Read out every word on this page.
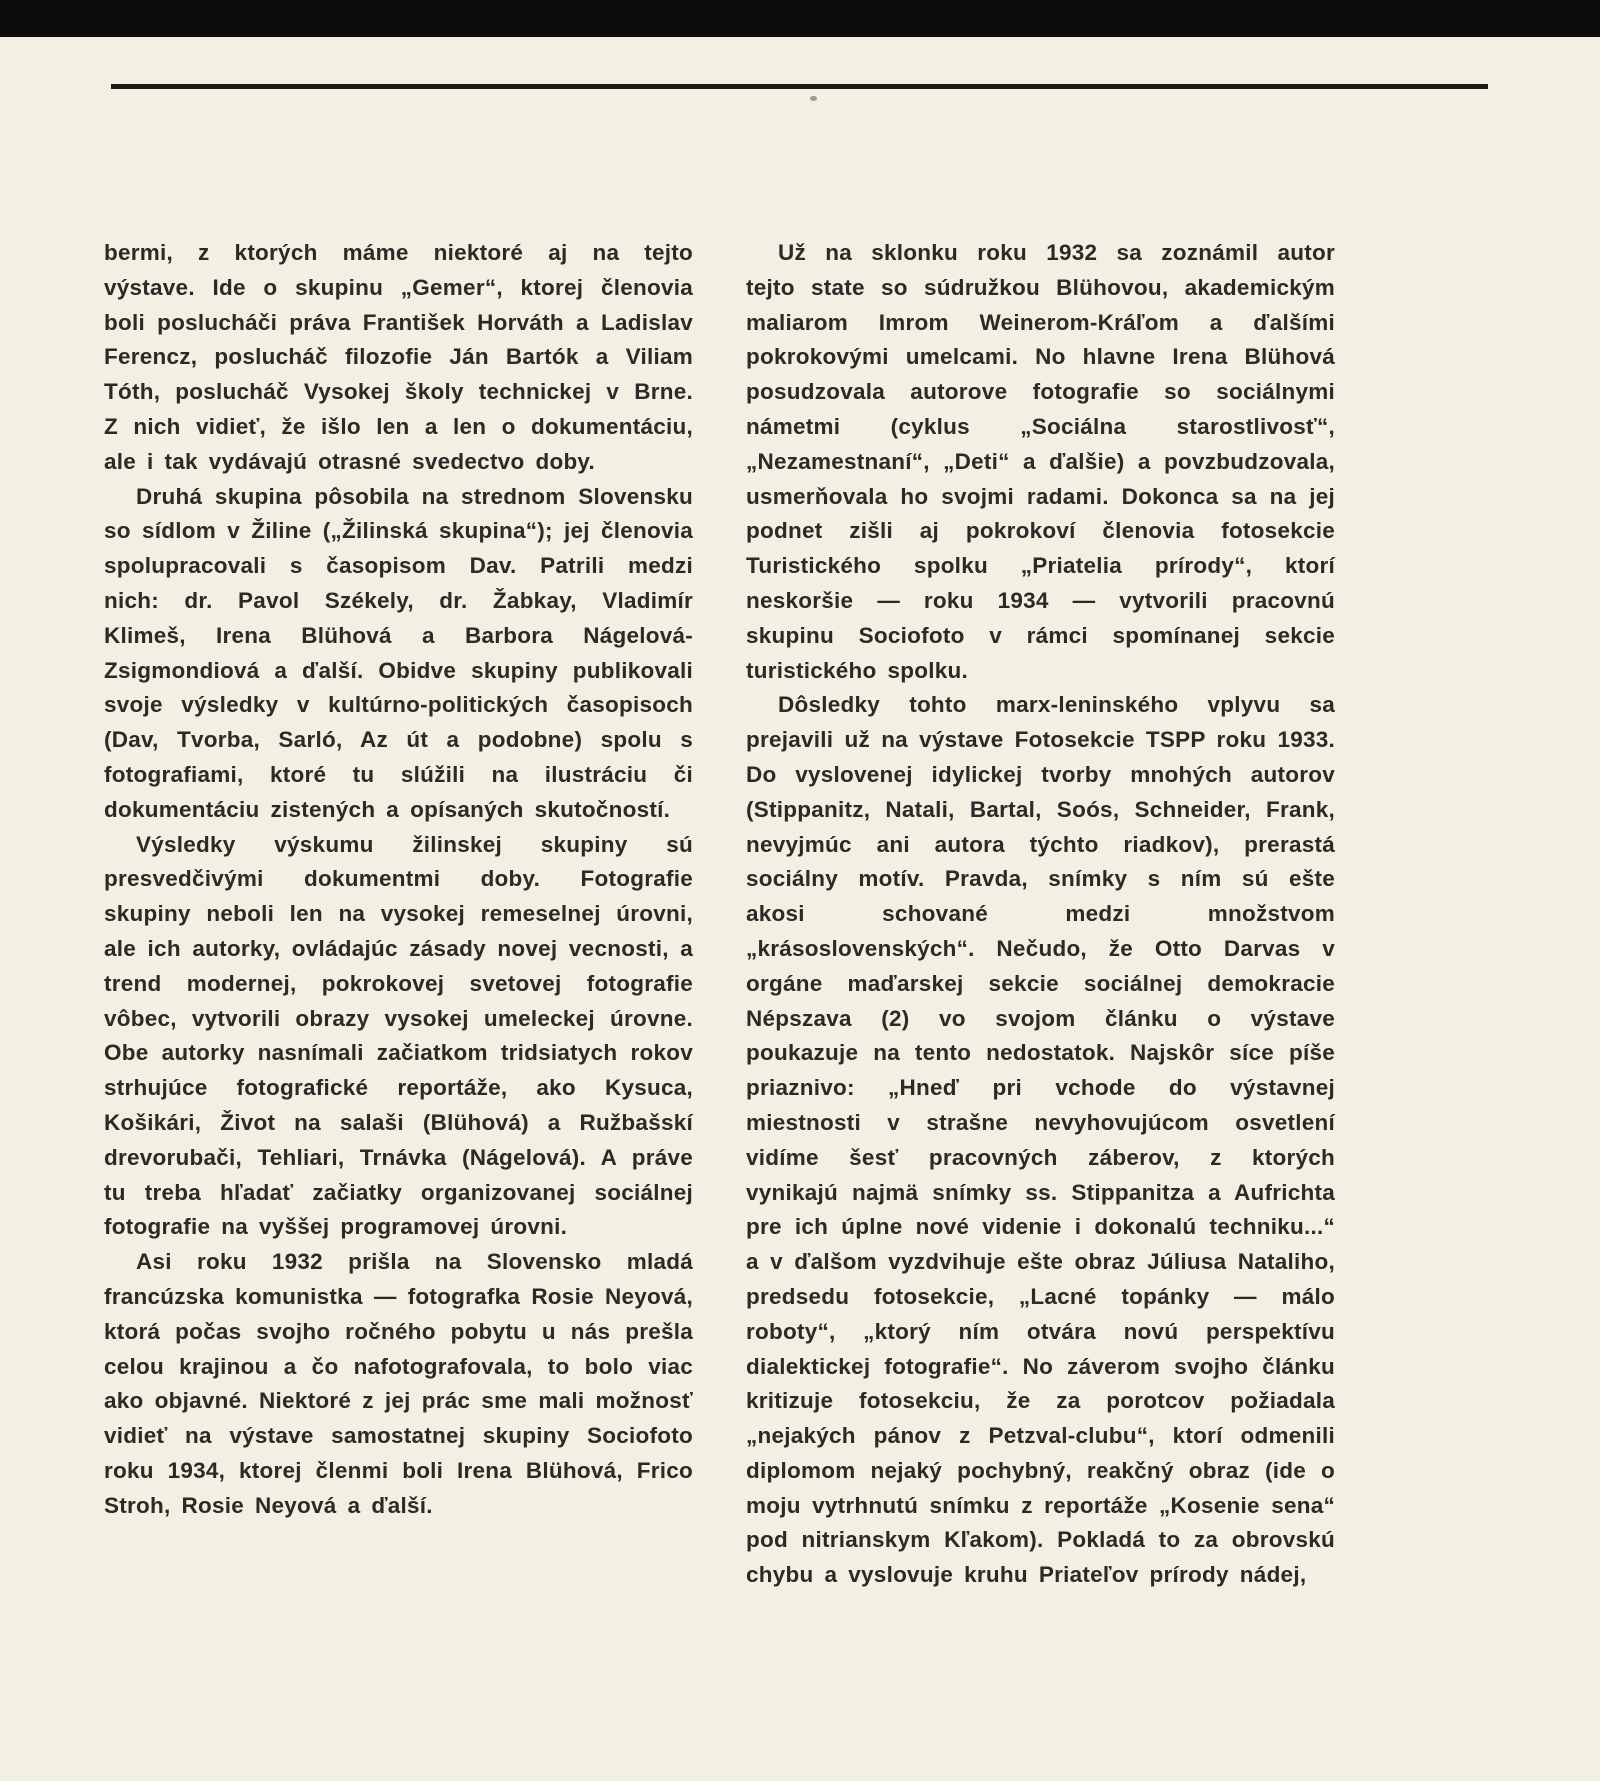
bermi, z ktorých máme niektoré aj na tejto výstave. Ide o skupinu „Gemer“, ktorej členovia boli poslucháči práva František Horváth a Ladislav Ferencz, poslucháč filozofie Ján Bartók a Viliam Tóth, poslucháč Vysokej školy technickej v Brne. Z nich vidieť, že išlo len a len o dokumentáciu, ale i tak vydávajú otrasné svedectvo doby.

Druhá skupina pôsobila na strednom Slovensku so sídlom v Žiline („Žilinská skupina“); jej členovia spolupracovali s časopisom Dav. Patrili medzi nich: dr. Pavol Székely, dr. Žabkay, Vladimír Klimeš, Irena Blühová a Barbora Nágelová-Zsigmondiová a ďalší. Obidve skupiny publikovali svoje výsledky v kultúrno-politických časopisoch (Dav, Tvorba, Sarló, Az út a podobne) spolu s fotografiami, ktoré tu slúžili na ilustráciu či dokumentáciu zistených a opísaných skutočností.

Výsledky výskumu žilinskej skupiny sú presvedčivými dokumentmi doby. Fotografie skupiny neboli len na vysokej remeselnej úrovni, ale ich autorky, ovládajúc zásady novej vecnosti, a trend modernej, pokrokovej svetovej fotografie vôbec, vytvorili obrazy vysokej umeleckej úrovne. Obe autorky nasnímali začiatkom tridsiatych rokov strhujúce fotografické reportáže, ako Kysuca, Košikári, Život na salaši (Blühová) a Ružbašskí drevorubači, Tehliari, Trnávka (Nágelová). A práve tu treba hľadať začiatky organizovanej sociálnej fotografie na vyššej programovej úrovni.

Asi roku 1932 prišla na Slovensko mladá francúzska komunistka — fotografka Rosie Neyová, ktorá počas svojho ročného pobytu u nás prešla celou krajinou a čo nafotografovala, to bolo viac ako objavné. Niektoré z jej prác sme mali možnosť vidieť na výstave samostatnej skupiny Sociofoto roku 1934, ktorej členmi boli Irena Blühová, Frico Stroh, Rosie Neyová a ďalší.

Už na sklonku roku 1932 sa zoznámil autor tejto state so súdružkou Blühovou, akademickým maliarom Imrom Weinerom-Kráľom a ďalšími pokrokovými umelcami. No hlavne Irena Blühová posudzovala autorove fotografie so sociálnymi námetmi (cyklus „Sociálna starostlivosť“, „Nezamestnaní“, „Deti“ a ďalšie) a povzbudzovala, usmerňovala ho svojmi radami. Dokonca sa na jej podnet zišli aj pokrokoví členovia fotosekcie Turistického spolku „Priatelia prírody“, ktorí neskoršie — roku 1934 — vytvorili pracovnú skupinu Sociofoto v rámci spomínanej sekcie turistického spolku.

Dôsledky tohto marx-leninského vplyvu sa prejavili už na výstave Fotosekcie TSPP roku 1933. Do vyslovenej idylickej tvorby mnohých autorov (Stippanitz, Natali, Bartal, Soós, Schneider, Frank, nevyjmúc ani autora týchto riadkov), prerastá sociálny motív. Pravda, snímky s ním sú ešte akosi schované medzi množstvom „krásoslovenských“. Nečudo, že Otto Darvas v orgáne maďarskej sekcie sociálnej demokracie Népszava (2) vo svojom článku o výstave poukazuje na tento nedostatok. Najskôr síce píše priaznivo: „Hneď pri vchode do výstavnej miestnosti v strašne nevyhovujúcom osvetlení vidíme šesť pracovných záberov, z ktorých vynikajú najmä snímky ss. Stippanitza a Aufrichta pre ich úplne nové videnie i dokonalú techniku...“ a v ďalšom vyzdvihuje ešte obraz Júliusa Nataliho, predsedu fotosekcie, „Lacné topánky — málo roboty“, „ktorý ním otvára novú perspektívu dialektickej fotografie“. No záverom svojho článku kritizuje fotosekciu, že za porotcov požiadala „nejakých pánov z Petzval-clubu“, ktorí odmenili diplomom nejaký pochybný, reakčný obraz (ide o moju vytrhnutú snímku z reportáže „Kosenie sena“ pod nitrianskym Kľakom). Pokladá to za obrovskú chybu a vyslovuje kruhu Priateľov prírody nádej,
